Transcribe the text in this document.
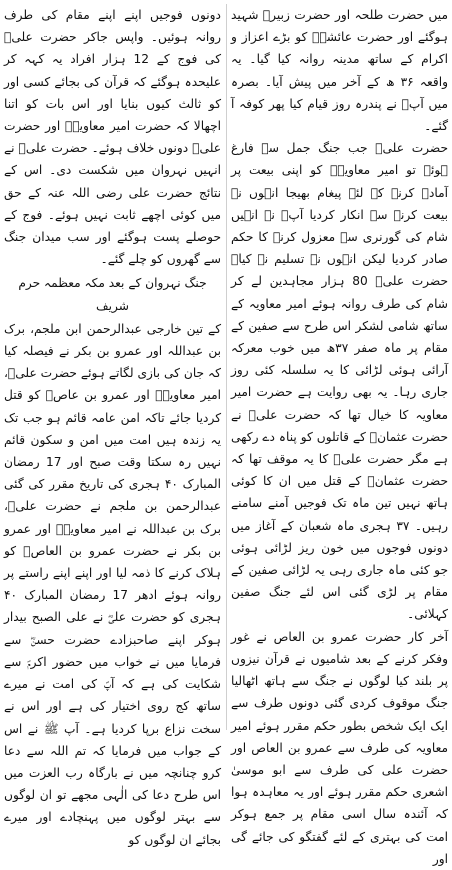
میں حضرت طلحہ اور حضرت زبیرؓ شہید ہوگئے اور حضرت عائشہؓ کو بڑے اعزاز و اکرام کے ساتھ مدینہ روانہ کیا گیا۔ یہ واقعہ ۳۶ ھ کے آخر میں پیش آیا۔ بصرہ میں آپؓ نے پندرہ روز قیام کیا پھر کوفہ آ گئے۔

حضرت علیؓ جب جنگ جمل سے فارغ ہوئے تو امیر معاویہؓ کو اپنی بیعت پر آمادہ کرنے کے لئے پیغام بھیجا انہوں نے بیعت کرنے سے انکار کردیا آپؓ نے انہیں شام کی گورنری سے معزول کرنے کا حکم صادر کردیا لیکن انہوں نے تسلیم نہ کیا۔ حضرت علیؓ 80 ہزار مجاہدین لے کر شام کی طرف روانہ ہوئے امیر معاویہ کے ساتھ شامی لشکر اس طرح سے صفین کے مقام پر ماہ صفر ۳۷ھ میں خوب معرکہ آرائی ہوئی لڑائی کا یہ سلسلہ کئی روز جاری رہا۔ یہ بھی روایت ہے حضرت امیر معاویہ کا خیال تھا کہ حضرت علیؓ نے حضرت عثمانؓ کے قاتلوں کو پناہ دے رکھی ہے مگر حضرت علیؓ کا یہ موقف تھا کہ حضرت عثمانؓ کے قتل میں ان کا کوئی ہاتھ نہیں تین ماہ تک فوجیں آمنے سامنے رہیں۔ ۳۷ ہجری ماہ شعبان کے آغاز میں دونوں فوجوں میں خون ریز لڑائی ہوئی جو کئی ماہ جاری رہی یہ لڑائی صفین کے مقام پر لڑی گئی اس لئے جنگ صفین کہلائی۔

آخر کار حضرت عمرو بن العاص نے غور وفکر کرنے کے بعد شامیوں نے قرآن نیزوں پر بلند کیا لوگوں نے جنگ سے ہاتھ اٹھالیا جنگ موقوف کردی گئی دونوں طرف سے ایک ایک شخص بطور حکم مقرر ہوئے امیر معاویہ کی طرف سے عمرو بن العاص اور حضرت علی کی طرف سے ابو موسیٰ اشعری حکم مقرر ہوئے اور یہ معاہدہ ہوا کہ آئندہ سال اسی مقام پر جمع ہوکر امت کی بہتری کے لئے گفتگو کی جائے گی اور

دونوں فوجیں اپنے اپنے مقام کی طرف روانہ ہوئیں۔ واپس جاکر حضرت علیؓ کی فوج کے 12 ہزار افراد یہ کہہ کر علیحدہ ہوگئے کہ قرآن کی بجائے کسی اور کو ثالث کیوں بنایا اور اس بات کو اتنا اچھالا کہ حضرت امیر معاویہؓ اور حضرت علیؓ دونوں خلاف ہوئے۔ حضرت علیؓ نے انہیں نہروان میں شکست دی۔ اس کے نتائج حضرت علی رضی اللہ عنہ کے حق میں کوئی اچھے ثابت نہیں ہوئے۔ فوج کے حوصلے پست ہوگئے اور سب میدان جنگ سے گھروں کو چلے گئے۔

جنگ نہروان کے بعد مکہ معظمہ حرم شریف

کے تین خارجی عبدالرحمن ابن ملجم، برک بن عبداللہ اور عمرو بن بکر نے فیصلہ کیا کہ جان کی بازی لگاتے ہوئے حضرت علیؓ، امیر معاویہؓ اور عمرو بن عاصؓ کو قتل کردیا جائے تاکہ امن عامہ قائم ہو جب تک یہ زندہ ہیں امت میں امن و سکون قائم نہیں رہ سکتا وقت صبح اور 17 رمضان المبارک ۴۰ ہجری کی تاریخ مقرر کی گئی عبدالرحمن بن ملجم نے حضرت علیؓ، برک بن عبداللہ نے امیر معاویہؓ اور عمرو بن بکر نے حضرت عمرو بن العاصؓ کو ہلاک کرنے کا ذمہ لیا اور اپنے اپنے راستے پر روانہ ہوئے ادھر 17 رمضان المبارک ۴۰ ہجری کو حضرت علیؓ نے علی الصبح بیدار ہوکر اپنے صاحبزادے حضرت حسنؓ سے فرمایا میں نے خواب میں حضور اکرمؐ سے شکایت کی ہے کہ آپؐ کی امت نے میرے ساتھ کج روی اختیار کی ہے اور اس نے سخت نزاع برپا کردیا ہے۔ آپ ﷺ نے اس کے جواب میں فرمایا کہ تم اللہ سے دعا کرو چنانچہ میں نے بارگاہ رب العزت میں اس طرح دعا کی الٰہی مجھے تو ان لوگوں سے بہتر لوگوں میں پہنچادے اور میرے بجائے ان لوگوں کو
